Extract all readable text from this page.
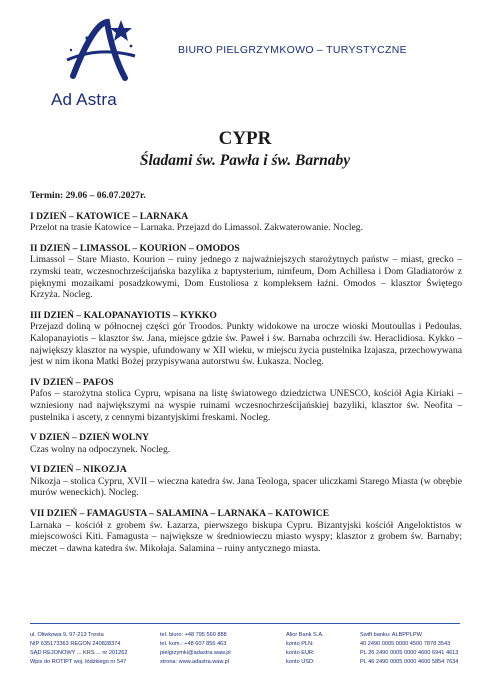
Ad Astra
BIURO PIELGRZYMKOWO – TURYSTYCZNE
CYPR
Śladami św. Pawła i św. Barnaby
Termin: 29.06 – 06.07.2027r.
I DZIEŃ – KATOWICE – LARNAKA
Przelot na trasie Katowice – Larnaka. Przejazd do Limassol. Zakwaterowanie. Nocleg.
II DZIEŃ – LIMASSOL – KOURION – OMODOS
Limassol – Stare Miasto. Kourion – ruiny jednego z najważniejszych starożytnych państw – miast, grecko – rzymski teatr, wczesnochrześcijańska bazylika z baptysterium, nimfeum, Dom Achillesa i Dom Gladiatorów z pięknymi mozaikami posadzkowymi, Dom Eustoliosa z kompleksem łaźni. Omodos – klasztor Świętego Krzyża. Nocleg.
III DZIEŃ – KALOPANAYIOTIS – KYKKO
Przejazd doliną w północnej części gór Troodos. Punkty widokowe na urocze wioski Moutoullas i Pedoulas. Kalopanayiotis – klasztor św. Jana, miejsce gdzie św. Paweł i św. Barnaba ochrzcili św. Heraclidiosa. Kykko – największy klasztor na wyspie, ufundowany w XII wieku, w miejscu życia pustelnika Izajasza, przechowywana jest w nim ikona Matki Bożej przypisywana autorstwu św. Łukasza. Nocleg.
IV DZIEŃ – PAFOS
Pafos – starożytna stolica Cypru, wpisana na listę światowego dziedzictwa UNESCO, kościół Agia Kiriaki – wzniesiony nad największymi na wyspie ruinami wczesnochrześcijańskiej bazyliki, klasztor św. Neofita – pustelnika i ascety, z cennymi bizantyjskimi freskami. Nocleg.
V DZIEŃ – DZIEŃ WOLNY
Czas wolny na odpoczynek. Nocleg.
VI DZIEŃ – NIKOZJA
Nikozja – stolica Cypru, XVII – wieczna katedra św. Jana Teologa, spacer uliczkami Starego Miasta (w obrębie murów weneckich). Nocleg.
VII DZIEŃ – FAMAGUSTA – SALAMINA – LARNAKA – KATOWICE
Larnaka – kościół z grobem św. Łazarza, pierwszego biskupa Cypru. Bizantyjski kościół Angeloktistos w miejscowości Kiti. Famagusta – największe w średniowieczu miasto wyspy; klasztor z grobem św. Barnaby; meczet – dawna katedra św. Mikołaja. Salamina – ruiny antycznego miasta.
ul. Oliwkowa 9, 97-213 Tresta
NIP 635173363 REGON 240828374
SĄD REJONOWY ... KRS ... nr 201262
Wpis do ROTIPT woj. łódzkiego nr 547
tel. biuro: +48 795 560 888
tel. kom.: +48 607 856 463
pielgrzymki@adastra.waw.pl
strona: www.adastra.waw.pl
Alior Bank S.A.
konto PLN:
konto EUR:
konto USD:
Swift banku: ALBPPLPW
40 2490 0005 0000 4500 7878 3543
PL 26 2490 0005 0000 4600 6941 4613
PL 46 2490 0005 0000 4600 5854 7634
